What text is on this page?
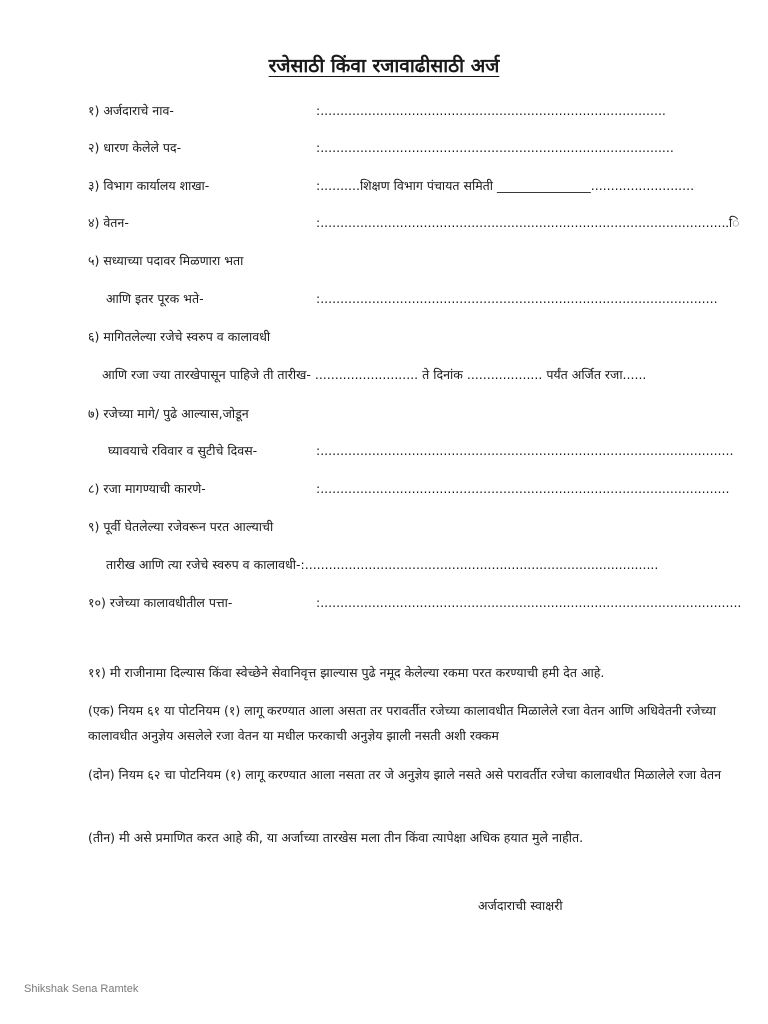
रजेसाठी किंवा रजावाढीसाठी अर्ज
१) अर्जदाराचे नाव-	:.......................................................................................
२) धारण केलेले पद-	:.........................................................................................
३) विभाग कार्यालय शाखा-	:..........शिक्षण विभाग पंचायत समिती _______________..........................
४) वेतन-	:.......................................................................................................ि
५) सध्याच्या पदावर मिळणारा भता
आणि इतर पूरक भते-	:....................................................................................................
६) मागितलेल्या रजेचे स्वरुप व कालावधी
आणि रजा ज्या तारखेपासून पाहिजे ती तारीख- .......................... ते दिनांक ................... पर्यंत अर्जित रजा......
७) रजेच्या मागे/ पुढे आल्यास,जोडून
घ्यावयाचे रविवार व सुटीचे दिवस-	:........................................................................................................
८) रजा मागण्याची कारणे-	:.......................................................................................................
९) पूर्वी घेतलेल्या रजेवरून परत आल्याची
तारीख आणि त्या रजेचे स्वरुप व कालावधी-:.........................................................................................
१०) रजेच्या कालावधीतील पत्ता-	:..........................................................................................................
११) मी राजीनामा दिल्यास किंवा स्वेच्छेने सेवानिवृत्त झाल्यास पुढे नमूद केलेल्या रकमा परत करण्याची हमी देत आहे.
(एक) नियम ६१ या पोटनियम (१) लागू करण्यात आला असता तर परावर्तीत रजेच्या कालावधीत मिळालेले रजा वेतन आणि अधिवेतनी रजेच्या कालावधीत अनुज्ञेय असलेले रजा वेतन या मधील फरकाची अनुज्ञेय झाली नसती अशी रक्कम
(दोन) नियम ६२ चा पोटनियम (१) लागू करण्यात आला नसता तर जे अनुज्ञेय झाले नसते असे परावर्तीत रजेचा कालावधीत मिळालेले रजा वेतन
(तीन) मी असे प्रमाणित करत आहे की, या अर्जाच्या तारखेस मला तीन किंवा त्यापेक्षा अधिक हयात मुले नाहीत.
अर्जदाराची स्वाक्षरी
Shikshak Sena Ramtek
